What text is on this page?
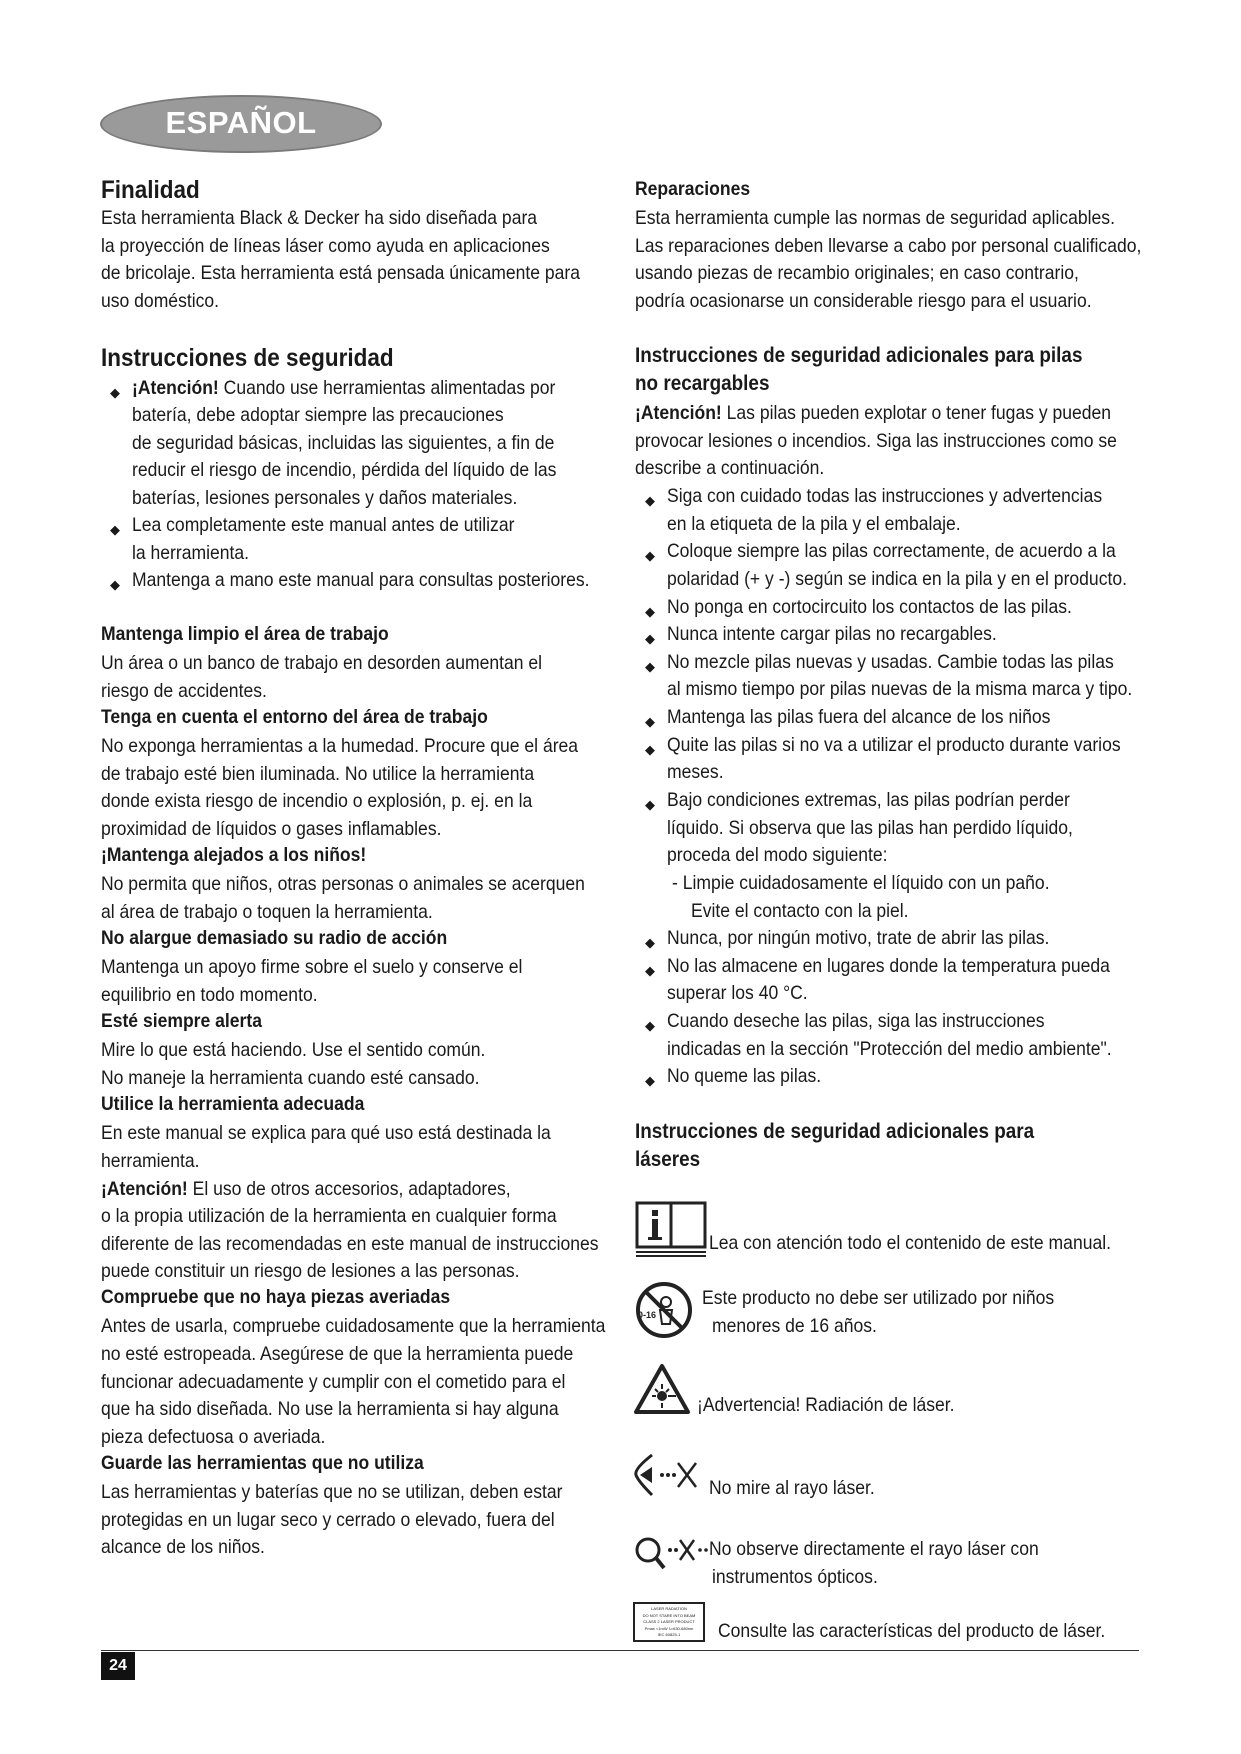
ESPAÑOL
Finalidad
Esta herramienta Black & Decker ha sido diseñada para
la proyección de líneas láser como ayuda en aplicaciones
de bricolaje. Esta herramienta está pensada únicamente para
uso doméstico.
Instrucciones de seguridad
◆ ¡Atención! Cuando use herramientas alimentadas por
batería, debe adoptar siempre las precauciones
de seguridad básicas, incluidas las siguientes, a fin de
reducir el riesgo de incendio, pérdida del líquido de las
baterías, lesiones personales y daños materiales.
◆ Lea completamente este manual antes de utilizar
la herramienta.
◆ Mantenga a mano este manual para consultas posteriores.
Mantenga limpio el área de trabajo
Un área o un banco de trabajo en desorden aumentan el
riesgo de accidentes.
Tenga en cuenta el entorno del área de trabajo
No exponga herramientas a la humedad. Procure que el área
de trabajo esté bien iluminada. No utilice la herramienta
donde exista riesgo de incendio o explosión, p. ej. en la
proximidad de líquidos o gases inflamables.
¡Mantenga alejados a los niños!
No permita que niños, otras personas o animales se acerquen
al área de trabajo o toquen la herramienta.
No alargue demasiado su radio de acción
Mantenga un apoyo firme sobre el suelo y conserve el
equilibrio en todo momento.
Esté siempre alerta
Mire lo que está haciendo. Use el sentido común.
No maneje la herramienta cuando esté cansado.
Utilice la herramienta adecuada
En este manual se explica para qué uso está destinada la
herramienta.
¡Atención! El uso de otros accesorios, adaptadores,
o la propia utilización de la herramienta en cualquier forma
diferente de las recomendadas en este manual de instrucciones
puede constituir un riesgo de lesiones a las personas.
Compruebe que no haya piezas averiadas
Antes de usarla, compruebe cuidadosamente que la herramienta
no esté estropeada. Asegúrese de que la herramienta puede
funcionar adecuadamente y cumplir con el cometido para el
que ha sido diseñada. No use la herramienta si hay alguna
pieza defectuosa o averiada.
Guarde las herramientas que no utiliza
Las herramientas y baterías que no se utilizan, deben estar
protegidas en un lugar seco y cerrado o elevado, fuera del
alcance de los niños.
Reparaciones
Esta herramienta cumple las normas de seguridad aplicables.
Las reparaciones deben llevarse a cabo por personal cualificado,
usando piezas de recambio originales; en caso contrario,
podría ocasionarse un considerable riesgo para el usuario.
Instrucciones de seguridad adicionales para pilas
no recargables
¡Atención! Las pilas pueden explotar o tener fugas y pueden
provocar lesiones o incendios. Siga las instrucciones como se
describe a continuación.
◆ Siga con cuidado todas las instrucciones y advertencias
en la etiqueta de la pila y el embalaje.
◆ Coloque siempre las pilas correctamente, de acuerdo a la
polaridad (+ y -) según se indica en la pila y en el producto.
◆ No ponga en cortocircuito los contactos de las pilas.
◆ Nunca intente cargar pilas no recargables.
◆ No mezcle pilas nuevas y usadas. Cambie todas las pilas
al mismo tiempo por pilas nuevas de la misma marca y tipo.
◆ Mantenga las pilas fuera del alcance de los niños
◆ Quite las pilas si no va a utilizar el producto durante varios
meses.
◆ Bajo condiciones extremas, las pilas podrían perder
líquido. Si observa que las pilas han perdido líquido,
proceda del modo siguiente:
- Limpie cuidadosamente el líquido con un paño.
Evite el contacto con la piel.
◆ Nunca, por ningún motivo, trate de abrir las pilas.
◆ No las almacene en lugares donde la temperatura pueda
superar los 40 °C.
◆ Cuando deseche las pilas, siga las instrucciones
indicadas en la sección "Protección del medio ambiente".
◆ No queme las pilas.
Instrucciones de seguridad adicionales para
láseres
Lea con atención todo el contenido de este manual.
0-16
Este producto no debe ser utilizado por niños
menores de 16 años.
¡Advertencia! Radiación de láser.
No mire al rayo láser.
No observe directamente el rayo láser con
instrumentos ópticos.
LASER RADIATION
DO NOT STARE INTO BEAM
CLASS 2 LASER PRODUCT
Pmax <1mW λ=630-680nm
IEC 60825-1	Consulte las características del producto de láser.
24
